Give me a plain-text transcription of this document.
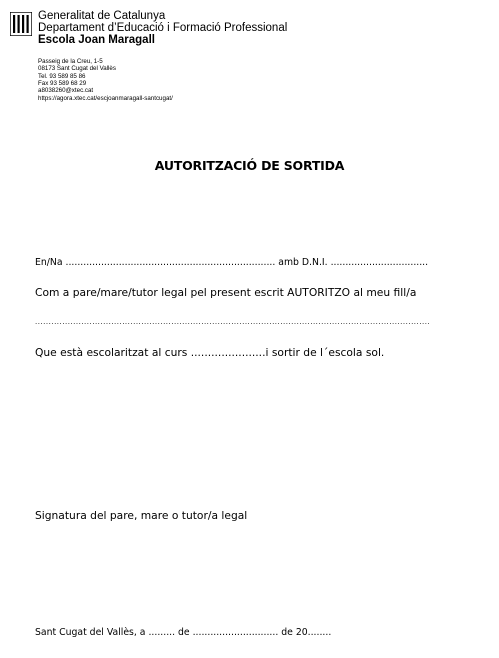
Generalitat de Catalunya
Departament d’Educació i Formació Professional
Escola Joan Maragall
Passeig de la Creu, 1-5
08173 Sant Cugat del Vallès
Tel. 93 589 85 86
Fax 93 589 68 29
a8038260@xtec.cat
https://agora.xtec.cat/escjoanmaragall-santcugat/
AUTORITZACIÓ DE SORTIDA
En/Na ....................................................................... amb D.N.I. .................................
Com a pare/mare/tutor legal pel present escrit AUTORITZO al meu fill/a
.................................................................................................................................................
Que està escolaritzat al curs ......................i sortir de l´escola sol.
Signatura del pare, mare o tutor/a legal
Sant Cugat del Vallès, a ......... de ............................. de 20........
